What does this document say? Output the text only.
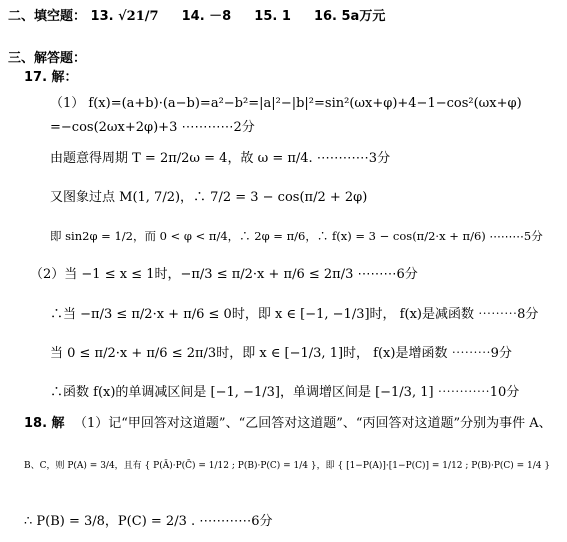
二、填空题： 13. √21/7 14. －8 15. 1 16. 5a万元
三、解答题：
17. 解：
（1） f(x)=(a+b)·(a−b)=a²−b²=|a|²−|b|²=sin²(ωx+φ)+4−1−cos²(ωx+φ)
=−cos(2ωx+2φ)+3 ⋯⋯⋯⋯2分
由题意得周期 T = 2π/2ω = 4，故 ω = π/4. ⋯⋯⋯⋯3分
又图象过点 M(1, 7/2)，∴ 7/2 = 3 − cos(π/2 + 2φ)
即 sin2φ = 1/2，而 0 < φ < π/4，∴ 2φ = π/6，∴ f(x) = 3 − cos(π/2·x + π/6) ⋯⋯⋯5分
（2）当 −1 ≤ x ≤ 1时，−π/3 ≤ π/2·x + π/6 ≤ 2π/3 ⋯⋯⋯6分
∴当 −π/3 ≤ π/2·x + π/6 ≤ 0时，即 x ∈ [−1, −1/3]时， f(x)是减函数 ⋯⋯⋯8分
当 0 ≤ π/2·x + π/6 ≤ 2π/3时，即 x ∈ [−1/3, 1]时， f(x)是增函数 ⋯⋯⋯9分
∴函数 f(x)的单调减区间是 [−1, −1/3]，单调增区间是 [−1/3, 1] ⋯⋯⋯⋯10分
18. 解 （1）记“甲回答对这道题”、“乙回答对这道题”、“丙回答对这道题”分别为事件 A、
B、C，则 P(A) = 3/4，且有 { P(Ā)·P(C̄) = 1/12 ; P(B)·P(C) = 1/4 }，即 { [1−P(A)]·[1−P(C)] = 1/12 ; P(B)·P(C) = 1/4 }
∴ P(B) = 3/8，P(C) = 2/3 . ⋯⋯⋯⋯6分
